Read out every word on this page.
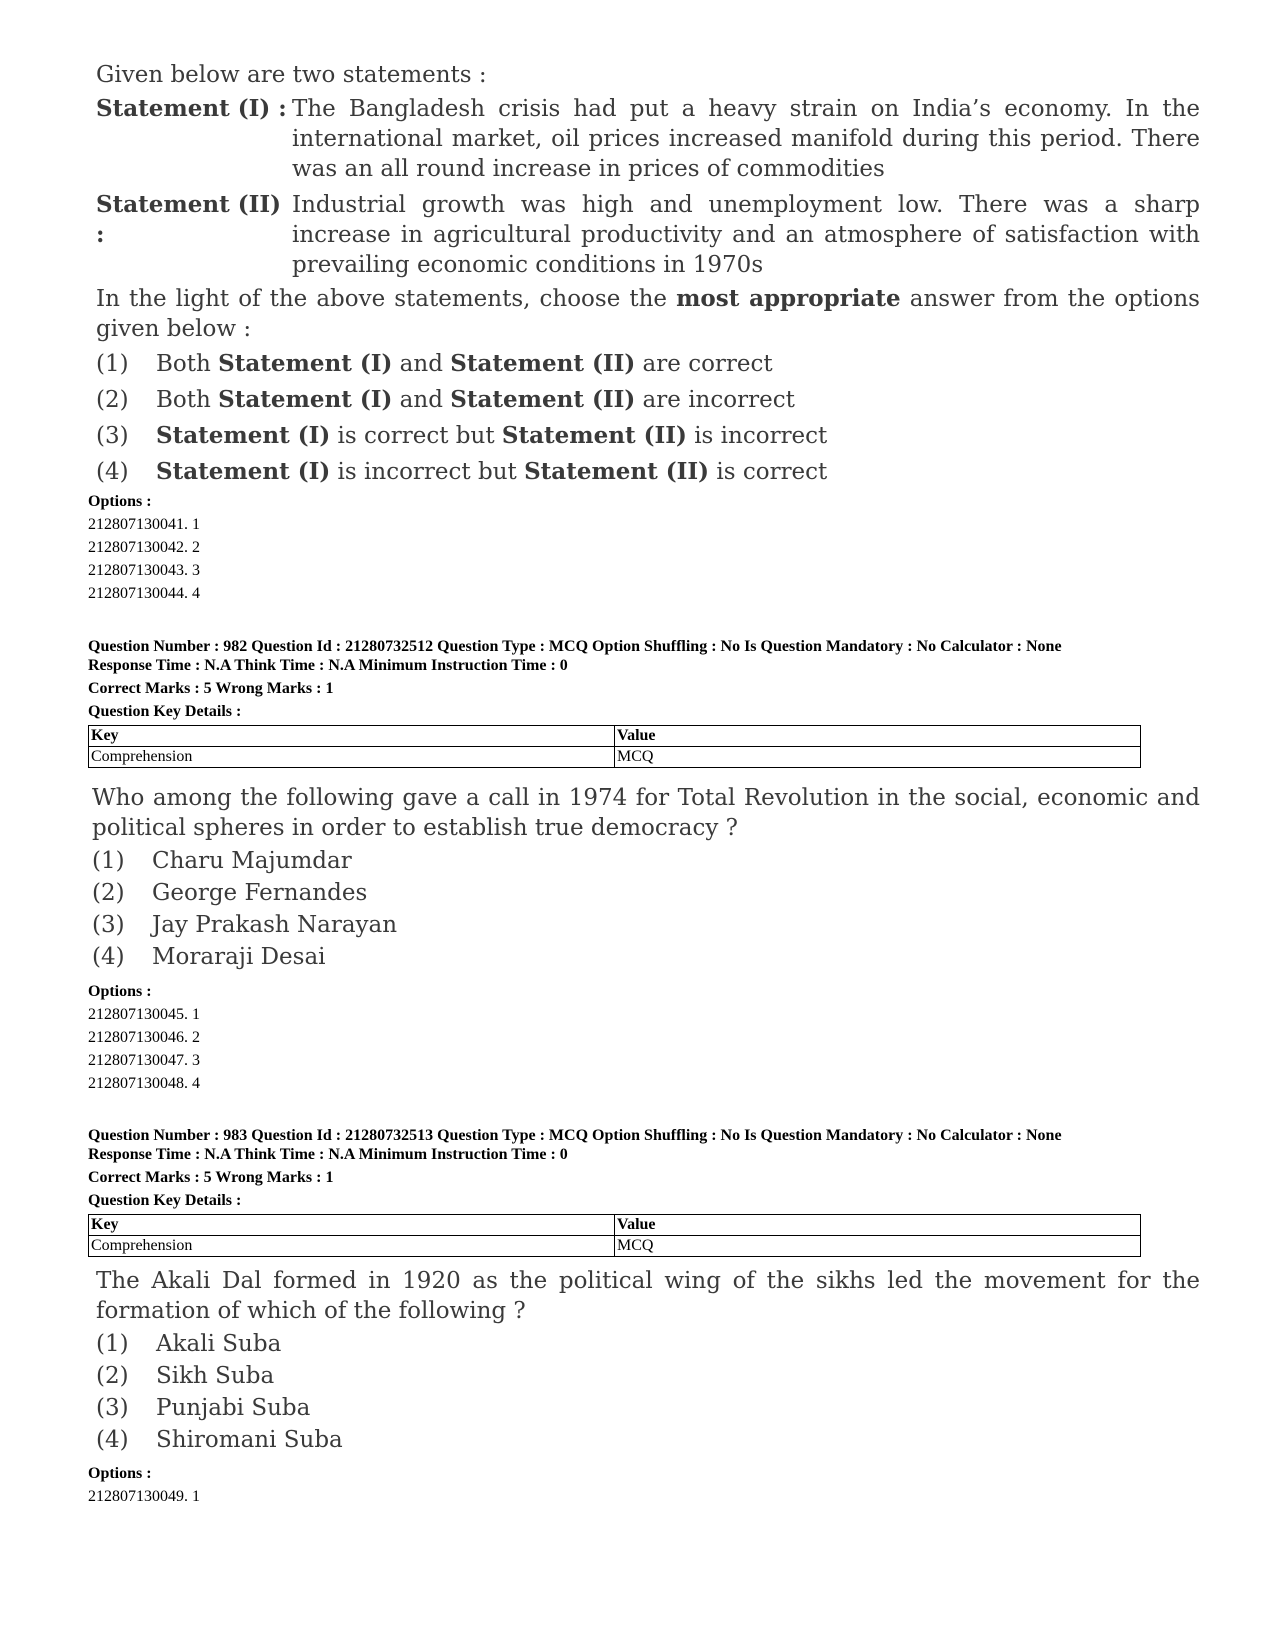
Given below are two statements :

Statement (I) : The Bangladesh crisis had put a heavy strain on India’s economy. In the international market, oil prices increased manifold during this period. There was an all round increase in prices of commodities
Statement (II) :
Industrial growth was high and unemployment low. There was a sharp increase in agricultural productivity and an atmosphere of satisfaction with prevailing economic conditions in 1970s

In the light of the above statements, choose the most appropriate answer from the options given below :

(1)	Both Statement (I) and Statement (II) are correct
(2)	Both Statement (I) and Statement (II) are incorrect
(3)	Statement (I) is correct but Statement (II) is incorrect
(4)	Statement (I) is incorrect but Statement (II) is correct
Options :
212807130041. 1
212807130042. 2
212807130043. 3
212807130044. 4
Question Number : 982 Question Id : 21280732512 Question Type : MCQ Option Shuffling : No Is Question Mandatory : No Calculator : None
Response Time : N.A Think Time : N.A Minimum Instruction Time : 0
Correct Marks : 5 Wrong Marks : 1
Question Key Details :
Key	Value
Comprehension	MCQ

Who among the following gave a call in 1974 for Total Revolution in the social, economic and political spheres in order to establish true democracy ?

(1)	Charu Majumdar
(2)	George Fernandes
(3)	Jay Prakash Narayan
(4)	Moraraji Desai
Options :
212807130045. 1
212807130046. 2
212807130047. 3
212807130048. 4
Question Number : 983 Question Id : 21280732513 Question Type : MCQ Option Shuffling : No Is Question Mandatory : No Calculator : None
Response Time : N.A Think Time : N.A Minimum Instruction Time : 0
Correct Marks : 5 Wrong Marks : 1
Question Key Details :
Key	Value
Comprehension	MCQ

The Akali Dal formed in 1920 as the political wing of the sikhs led the movement for the formation of which of the following ?

(1)	Akali Suba
(2)	Sikh Suba
(3)	Punjabi Suba
(4)	Shiromani Suba
Options :
212807130049. 1
